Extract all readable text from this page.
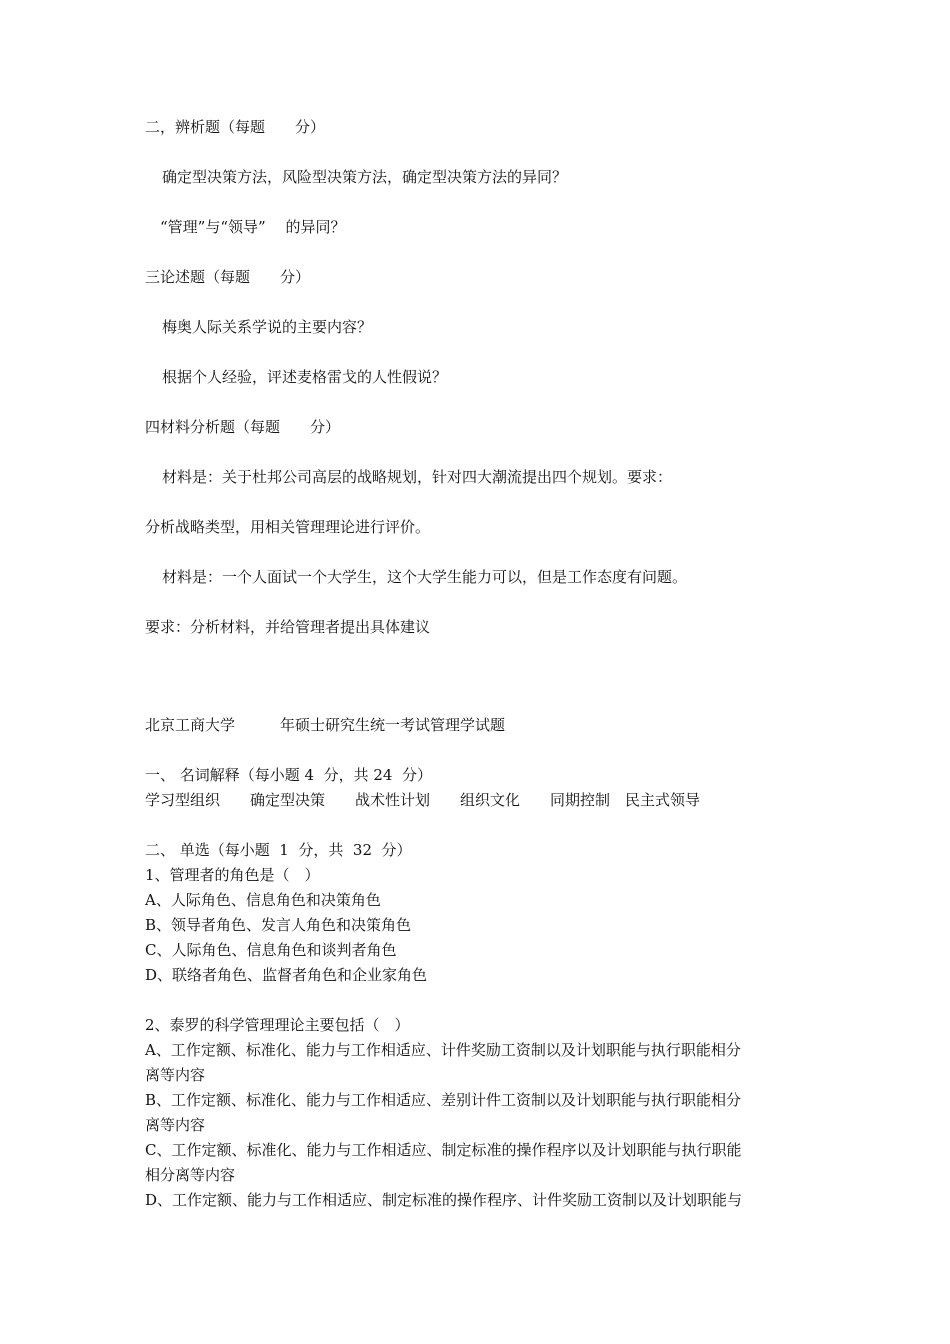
二，辨析题（每题　　分）
确定型决策方法，风险型决策方法，确定型决策方法的异同？
“管理”与“领导”　 的异同？
三论述题（每题　　分）
梅奥人际关系学说的主要内容？
根据个人经验，评述麦格雷戈的人性假说？
四材料分析题（每题　　分）
材料是：关于杜邦公司高层的战略规划，针对四大潮流提出四个规划。要求：
分析战略类型，用相关管理理论进行评价。
材料是：一个人面试一个大学生，这个大学生能力可以，但是工作态度有问题。
要求：分析材料，并给管理者提出具体建议
北京工商大学　　　年硕士研究生统一考试管理学试题
一、 名词解释（每小题 4  分，共 24  分）
学习型组织　　确定型决策　　战术性计划　　组织文化　　同期控制　民主式领导
二、 单选（每小题  1  分，共  32  分）
1、管理者的角色是（　）
A、人际角色、信息角色和决策角色
B、领导者角色、发言人角色和决策角色
C、人际角色、信息角色和谈判者角色
D、联络者角色、监督者角色和企业家角色
2、泰罗的科学管理理论主要包括（　）
A、工作定额、标准化、能力与工作相适应、计件奖励工资制以及计划职能与执行职能相分
离等内容
B、工作定额、标准化、能力与工作相适应、差别计件工资制以及计划职能与执行职能相分
离等内容
C、工作定额、标准化、能力与工作相适应、制定标准的操作程序以及计划职能与执行职能
相分离等内容
D、工作定额、能力与工作相适应、制定标准的操作程序、计件奖励工资制以及计划职能与
